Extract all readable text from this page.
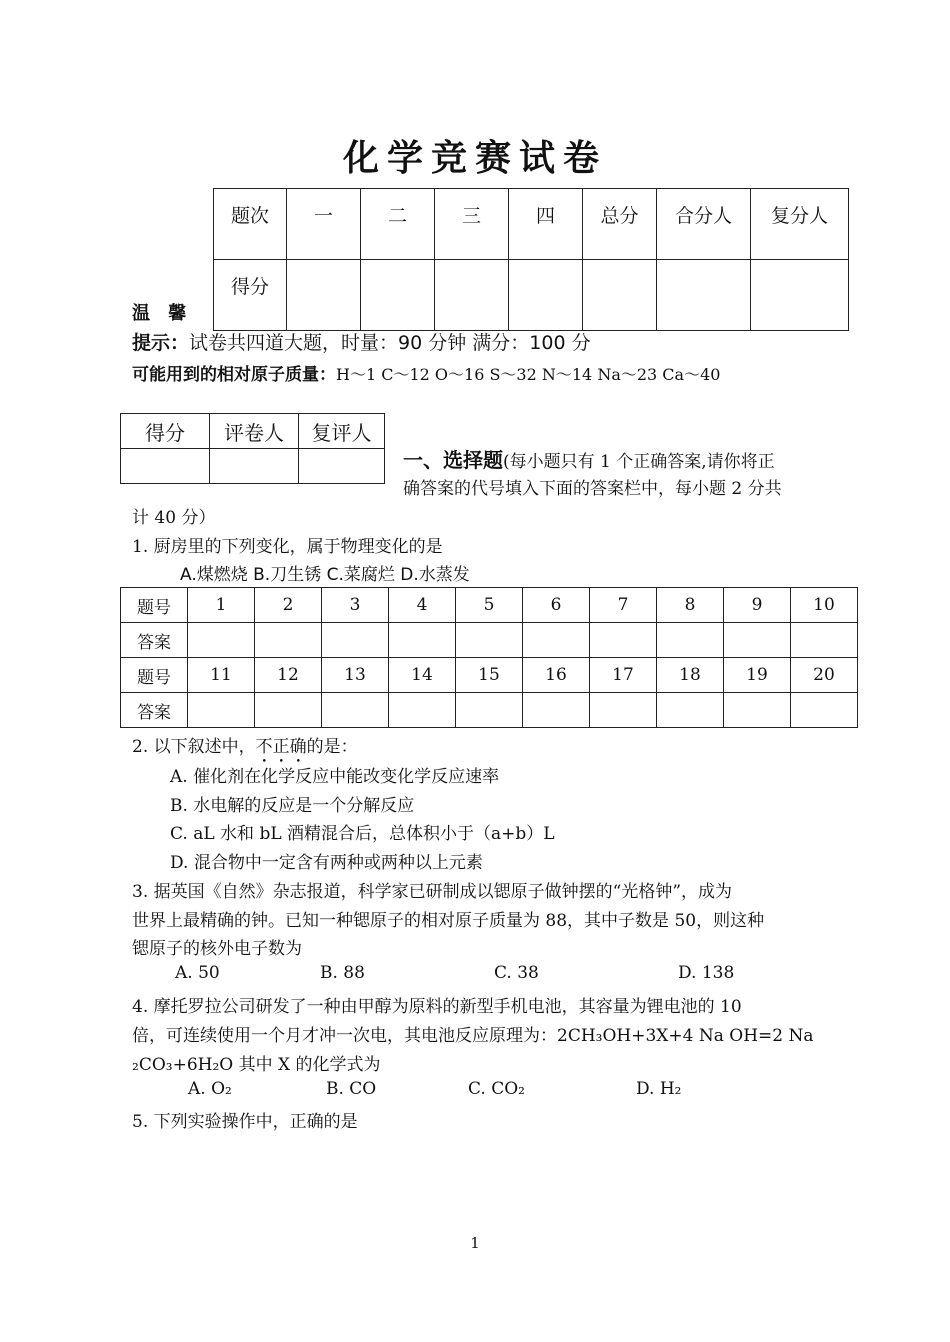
化学竞赛试卷
题次	一	二	三	四	总分	合分人	复分人
得分							
温 馨
提示：试卷共四道大题，时量：90 分钟 满分：100 分
可能用到的相对原子质量：H～1 C～12 O～16 S～32 N～14 Na～23 Ca～40
得分	评卷人	复评人

一、选择题(每小题只有 1 个正确答案,请你将正
确答案的代号填入下面的答案栏中，每小题 2 分共
计 40 分）
1. 厨房里的下列变化，属于物理变化的是
A.煤燃烧 B.刀生锈 C.菜腐烂 D.水蒸发
题号	1	2	3	4	5	6	7	8	9	10
答案										
题号	11	12	13	14	15	16	17	18	19	20
答案										
2. 以下叙述中，不正确的是：
A. 催化剂在化学反应中能改变化学反应速率
B. 水电解的反应是一个分解反应
C. aL 水和 bL 酒精混合后，总体积小于（a+b）L
D. 混合物中一定含有两种或两种以上元素
3. 据英国《自然》杂志报道，科学家已研制成以锶原子做钟摆的“光格钟”，成为
世界上最精确的钟。已知一种锶原子的相对原子质量为 88，其中子数是 50，则这种
锶原子的核外电子数为
A. 50	B. 88	C. 38	D. 138
4. 摩托罗拉公司研发了一种由甲醇为原料的新型手机电池，其容量为锂电池的 10
倍，可连续使用一个月才冲一次电，其电池反应原理为：2CH₃OH+3X+4 Na OH=2 Na
₂CO₃+6H₂O 其中 X 的化学式为
A. O₂	B. CO	C. CO₂	D. H₂
5. 下列实验操作中，正确的是
1
